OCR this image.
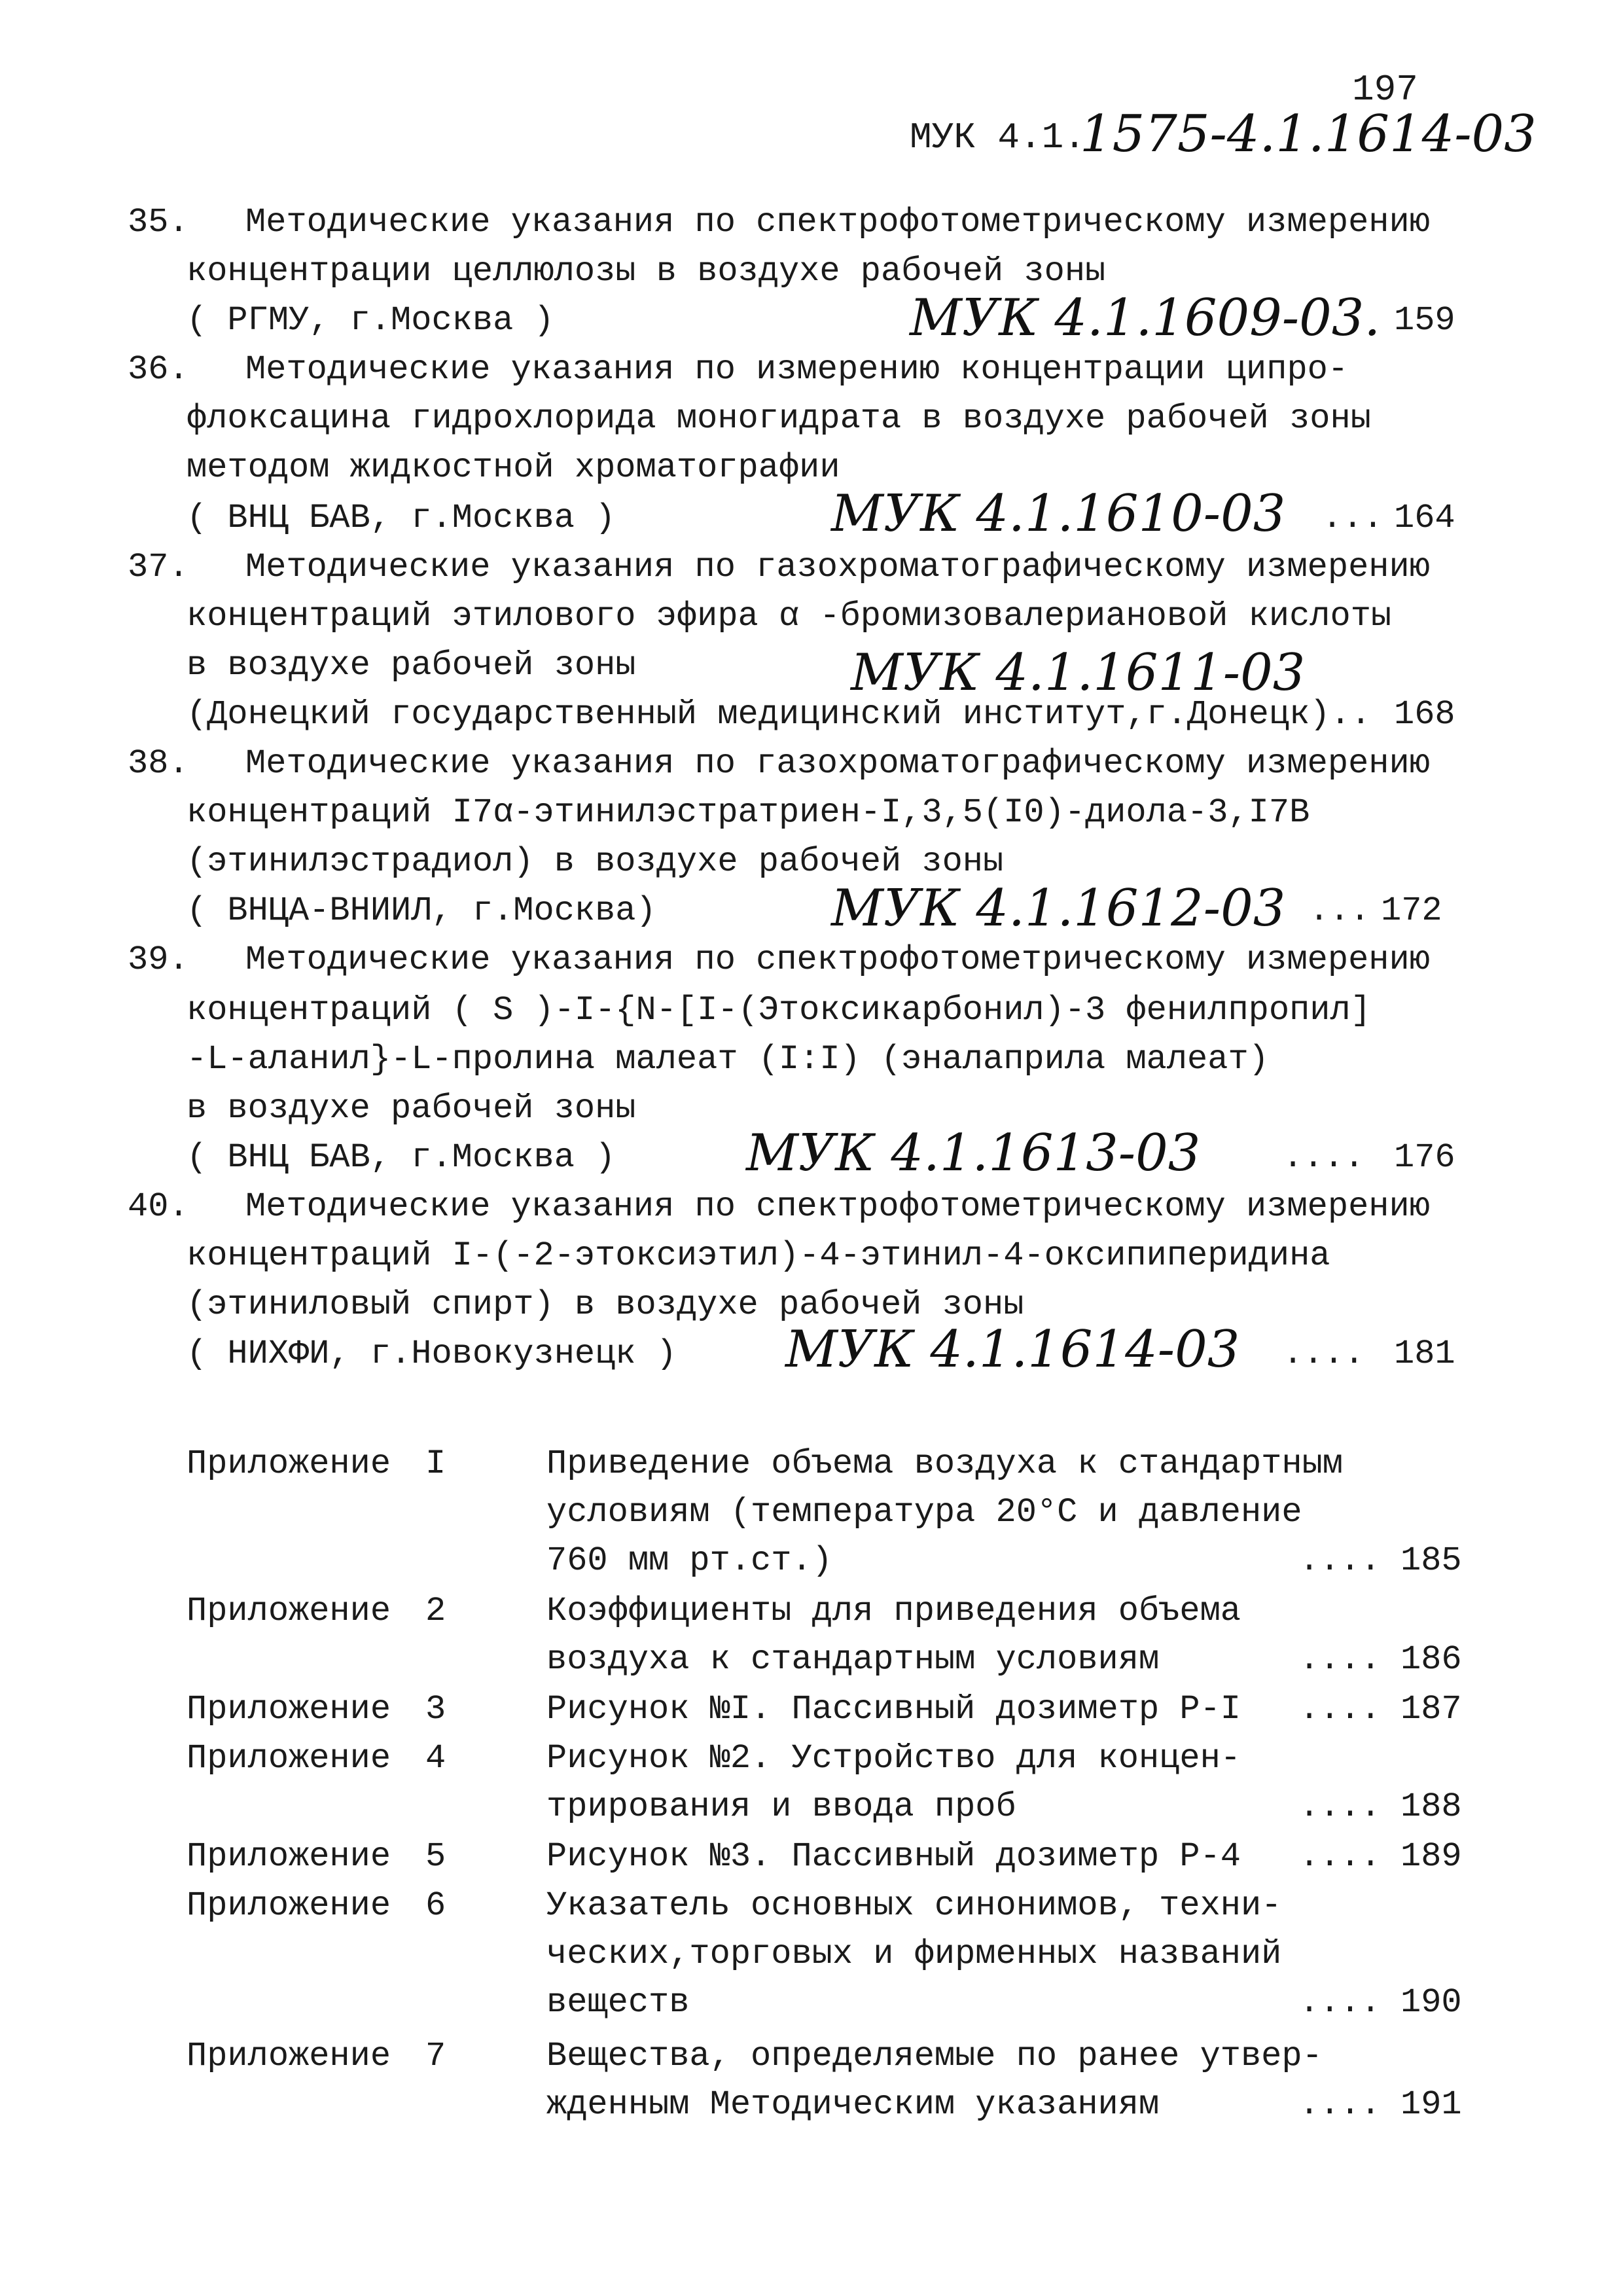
197
МУК 4.1.
1575-4.1.1614-03
35. Методические указания по спектрофотометрическому измерению
концентрации целлюлозы в воздухе рабочей зоны
( РГМУ, г.Москва )	МУК 4.1.1609-03. 159
36. Методические указания по измерению концентрации ципро-
флоксацина гидрохлорида моногидрата в воздухе рабочей зоны
методом жидкостной хроматографии
( ВНЦ БАВ, г.Москва )	МУК 4.1.1610-03 ... 164
37. Методические указания по газохроматографическому измерению
концентраций этилового эфира α -бромизовалериановой кислоты
в воздухе рабочей зоны	МУК 4.1.1611-03
(Донецкий государственный медицинский институт,г.Донецк).. 168
38. Методические указания по газохроматографическому измерению
концентраций I7α-этинилэстратриен-I,3,5(I0)-диола-3,I7В
(этинилэстрадиол) в воздухе рабочей зоны
( ВНЦА-ВНИИЛ, г.Москва)	МУК 4.1.1612-03 ... 172
39. Методические указания по спектрофотометрическому измерению
концентраций ( S )-I-{N-[I-(Этоксикарбонил)-3 фенилпропил]
-L-аланил}-L-пролина малеат (I:I) (эналаприла малеат)
в воздухе рабочей зоны
( ВНЦ БАВ, г.Москва )	МУК 4.1.1613-03 .... 176
40. Методические указания по спектрофотометрическому измерению
концентраций I-(-2-этоксиэтил)-4-этинил-4-оксипиперидина
(этиниловый спирт) в воздухе рабочей зоны
( НИХФИ, г.Новокузнецк ) МУК 4.1.1614-03 .... 181
Приложение I	Приведение объема воздуха к стандартным
условиям (температура 20°С и давление
760 мм рт.ст.)	.... 185
Приложение 2	Коэффициенты для приведения объема
воздуха к стандартным условиям	.... 186
Приложение 3	Рисунок №I. Пассивный дозиметр Р-I .... 187
Приложение 4	Рисунок №2. Устройство для концен-
трирования и ввода проб	.... 188
Приложение 5	Рисунок №3. Пассивный дозиметр Р-4 .... 189
Приложение 6	Указатель основных синонимов, техни-
ческих,торговых и фирменных названий
веществ	.... 190
Приложение 7	Вещества, определяемые по ранее утвер-
жденным Методическим указаниям	.... 191
